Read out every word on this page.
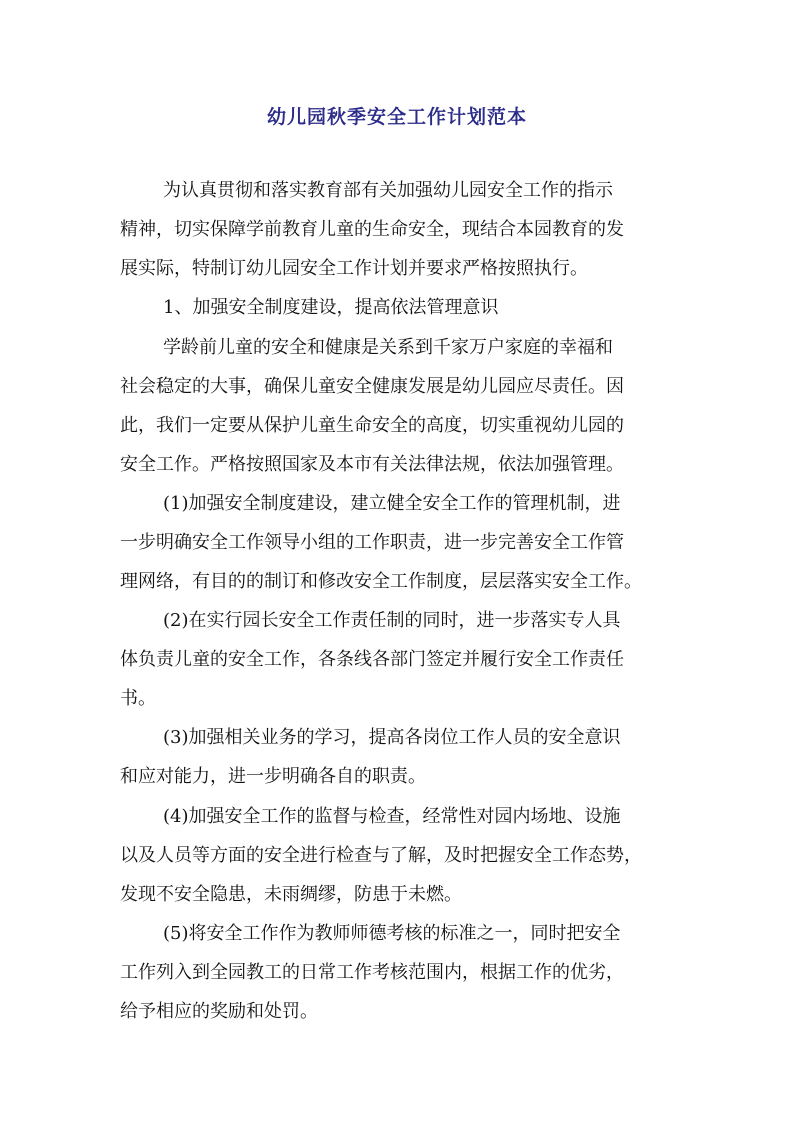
幼儿园秋季安全工作计划范本
为认真贯彻和落实教育部有关加强幼儿园安全工作的指示
精神，切实保障学前教育儿童的生命安全，现结合本园教育的发
展实际，特制订幼儿园安全工作计划并要求严格按照执行。
1、加强安全制度建设，提高依法管理意识
学龄前儿童的安全和健康是关系到千家万户家庭的幸福和
社会稳定的大事，确保儿童安全健康发展是幼儿园应尽责任。因
此，我们一定要从保护儿童生命安全的高度，切实重视幼儿园的
安全工作。严格按照国家及本市有关法律法规，依法加强管理。
(1)加强安全制度建设，建立健全安全工作的管理机制，进
一步明确安全工作领导小组的工作职责，进一步完善安全工作管
理网络，有目的的制订和修改安全工作制度，层层落实安全工作。
(2)在实行园长安全工作责任制的同时，进一步落实专人具
体负责儿童的安全工作，各条线各部门签定并履行安全工作责任
书。
(3)加强相关业务的学习，提高各岗位工作人员的安全意识
和应对能力，进一步明确各自的职责。
(4)加强安全工作的监督与检查，经常性对园内场地、设施
以及人员等方面的安全进行检查与了解，及时把握安全工作态势，
发现不安全隐患，未雨绸缪，防患于未燃。
(5)将安全工作作为教师师德考核的标准之一，同时把安全
工作列入到全园教工的日常工作考核范围内，根据工作的优劣，
给予相应的奖励和处罚。
